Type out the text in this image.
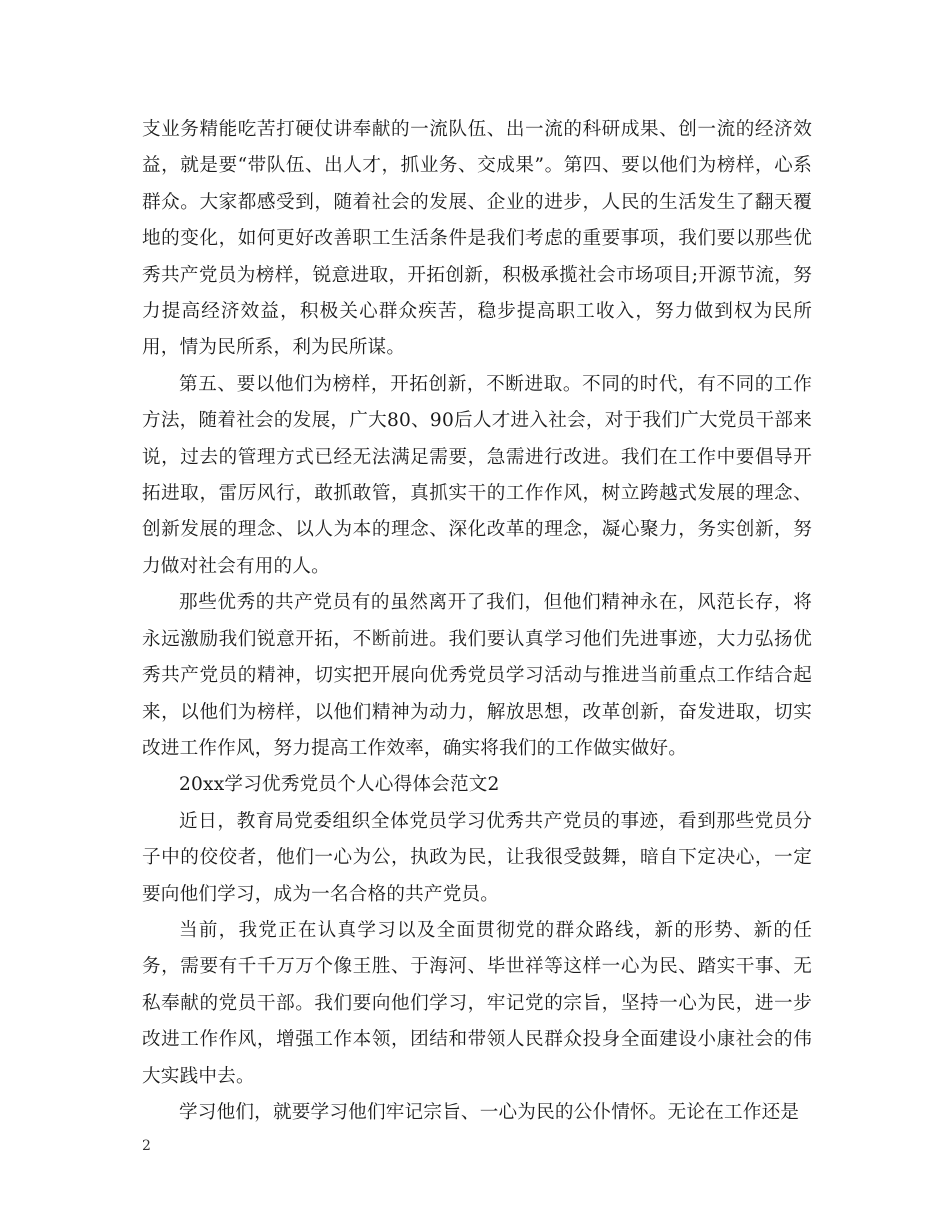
支业务精能吃苦打硬仗讲奉献的一流队伍、出一流的科研成果、创一流的经济效益，就是要“带队伍、出人才，抓业务、交成果”。第四、要以他们为榜样，心系群众。大家都感受到，随着社会的发展、企业的进步，人民的生活发生了翻天覆地的变化，如何更好改善职工生活条件是我们考虑的重要事项，我们要以那些优秀共产党员为榜样，锐意进取，开拓创新，积极承揽社会市场项目;开源节流，努力提高经济效益，积极关心群众疾苦，稳步提高职工收入，努力做到权为民所用，情为民所系，利为民所谋。

第五、要以他们为榜样，开拓创新，不断进取。不同的时代，有不同的工作方法，随着社会的发展，广大80、90后人才进入社会，对于我们广大党员干部来说，过去的管理方式已经无法满足需要，急需进行改进。我们在工作中要倡导开拓进取，雷厉风行，敢抓敢管，真抓实干的工作作风，树立跨越式发展的理念、创新发展的理念、以人为本的理念、深化改革的理念，凝心聚力，务实创新，努力做对社会有用的人。

那些优秀的共产党员有的虽然离开了我们，但他们精神永在，风范长存，将永远激励我们锐意开拓，不断前进。我们要认真学习他们先进事迹，大力弘扬优秀共产党员的精神，切实把开展向优秀党员学习活动与推进当前重点工作结合起来，以他们为榜样，以他们精神为动力，解放思想，改革创新，奋发进取，切实改进工作作风，努力提高工作效率，确实将我们的工作做实做好。

20xx学习优秀党员个人心得体会范文2

近日，教育局党委组织全体党员学习优秀共产党员的事迹，看到那些党员分子中的佼佼者，他们一心为公，执政为民，让我很受鼓舞，暗自下定决心，一定要向他们学习，成为一名合格的共产党员。

当前，我党正在认真学习以及全面贯彻党的群众路线，新的形势、新的任务，需要有千千万万个像王胜、于海河、毕世祥等这样一心为民、踏实干事、无私奉献的党员干部。我们要向他们学习，牢记党的宗旨，坚持一心为民，进一步改进工作作风，增强工作本领，团结和带领人民群众投身全面建设小康社会的伟大实践中去。

学习他们，就要学习他们牢记宗旨、一心为民的公仆情怀。无论在工作还是

2
